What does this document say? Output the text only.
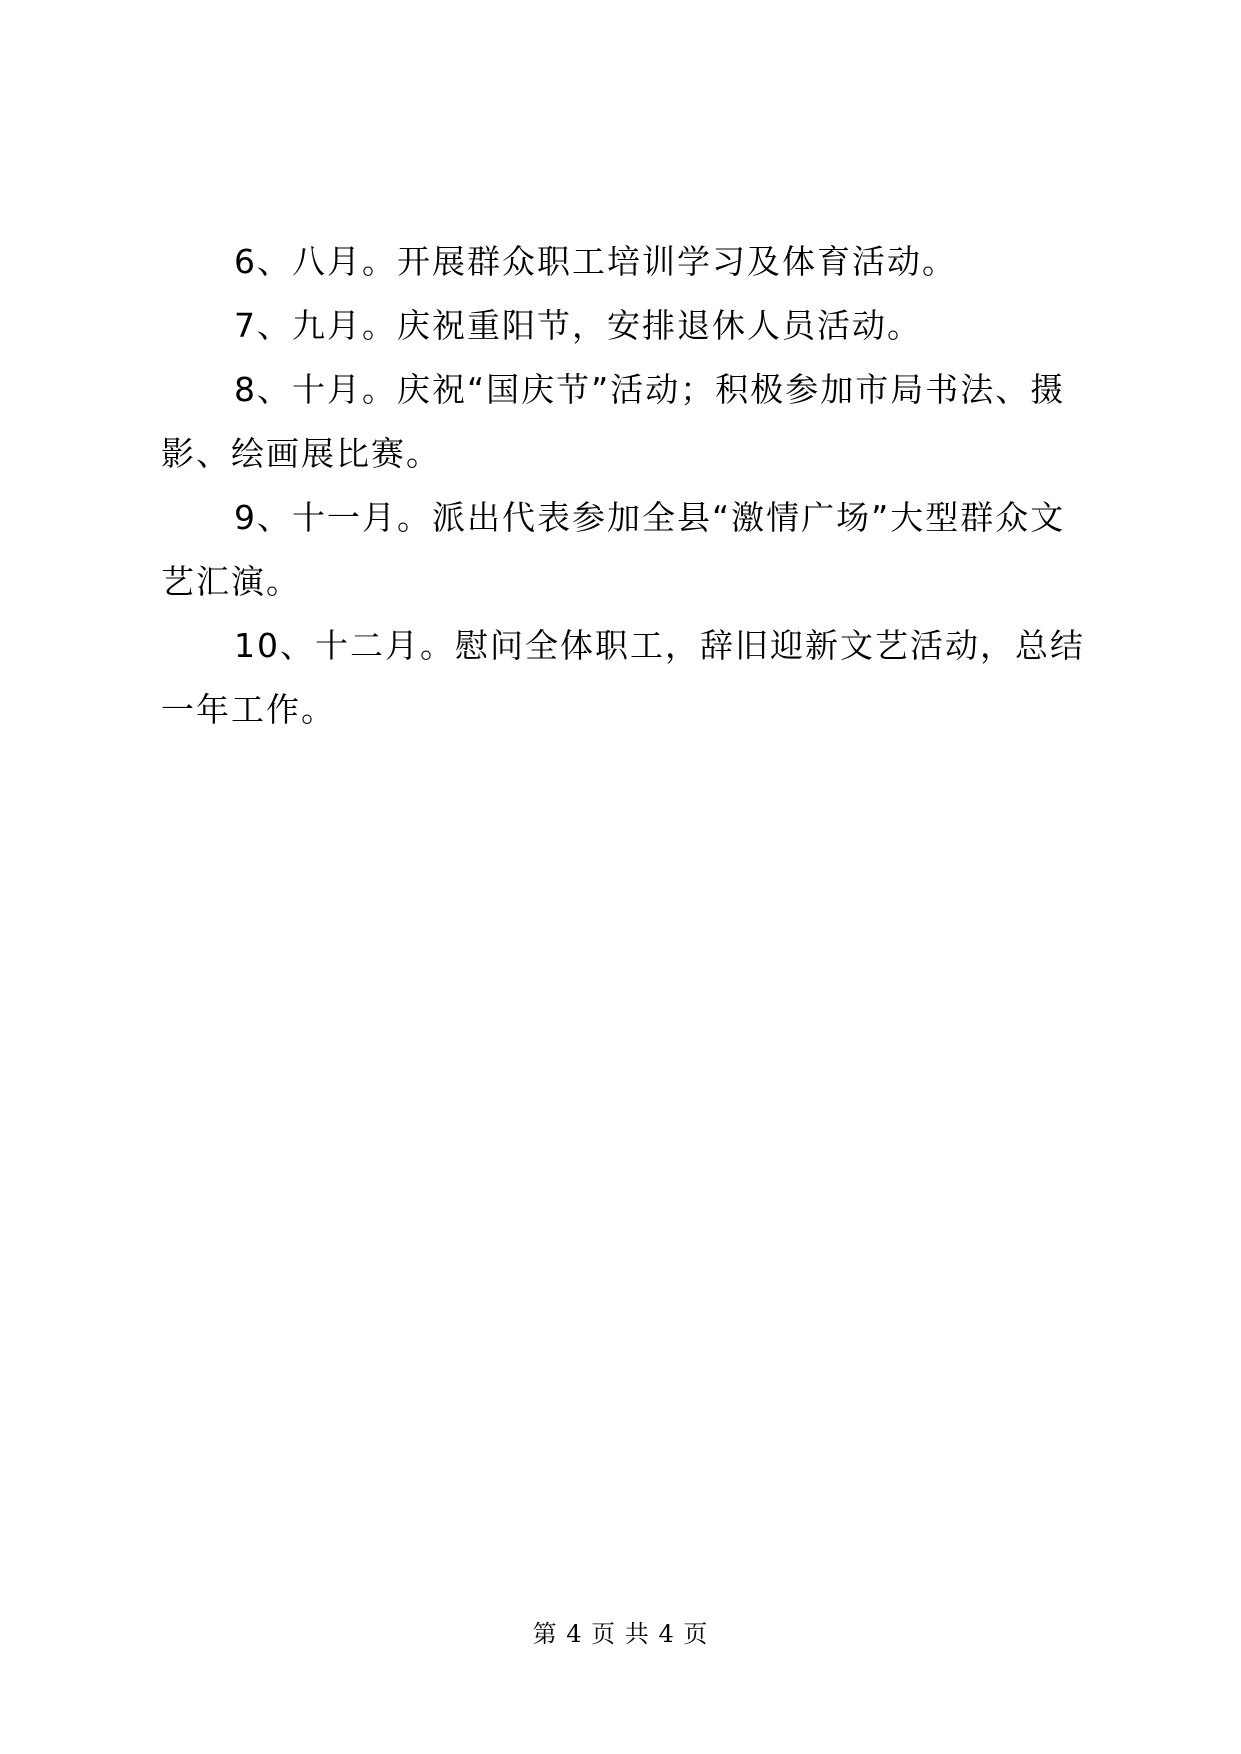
6、八月。开展群众职工培训学习及体育活动。

7、九月。庆祝重阳节，安排退休人员活动。

8、十月。庆祝“国庆节”活动；积极参加市局书法、摄影、绘画展比赛。

9、十一月。派出代表参加全县“激情广场”大型群众文艺汇演。

10、十二月。慰问全体职工，辞旧迎新文艺活动，总结一年工作。

第 4 页 共 4 页
